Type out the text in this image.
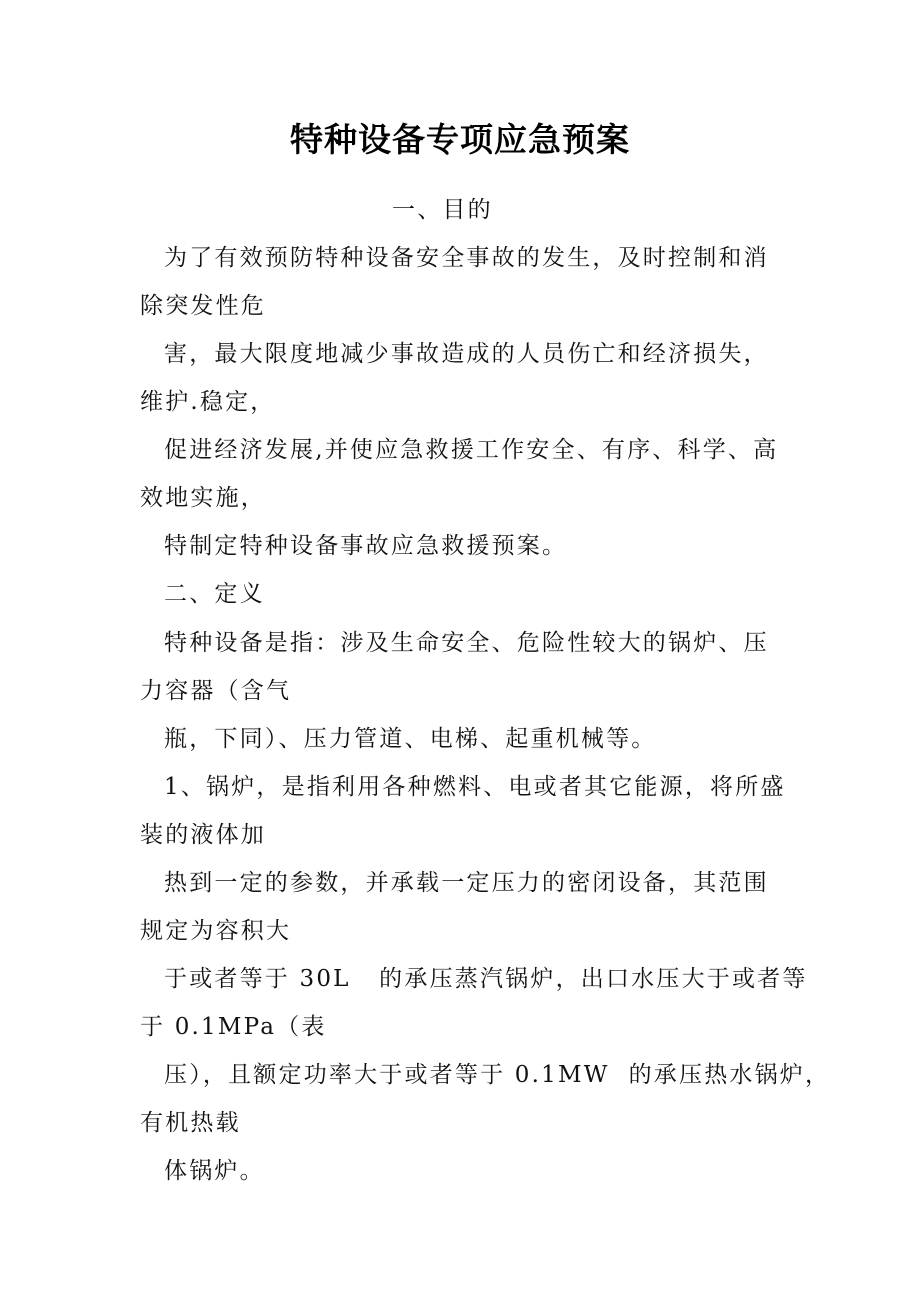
特种设备专项应急预案
一、目的
为了有效预防特种设备安全事故的发生，及时控制和消
除突发性危
害，最大限度地减少事故造成的人员伤亡和经济损失，
维护.稳定，
促进经济发展,并使应急救援工作安全、有序、科学、高
效地实施，
特制定特种设备事故应急救援预案。
二、定义
特种设备是指：涉及生命安全、危险性较大的锅炉、压
力容器（含气
瓶，下同）、压力管道、电梯、起重机械等。
1、锅炉，是指利用各种燃料、电或者其它能源，将所盛
装的液体加
热到一定的参数，并承载一定压力的密闭设备，其范围
规定为容积大
于或者等于 30L   的承压蒸汽锅炉，出口水压大于或者等
于 0.1MPa（表
压），且额定功率大于或者等于 0.1MW  的承压热水锅炉，
有机热载
体锅炉。
